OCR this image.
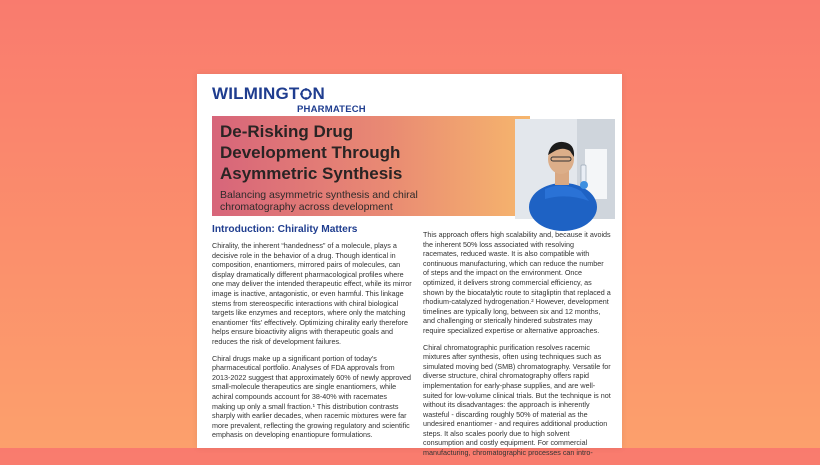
WILMINGT N
PHARMATECH
De-Risking Drug Development Through Asymmetric Synthesis
Balancing asymmetric synthesis and chiral chromatography across development
Introduction: Chirality Matters

Chirality, the inherent “handedness” of a molecule, plays a decisive role in the behavior of a drug. Though identical in composition, enantiomers, mirrored pairs of molecules, can display dramatically different pharmacological profiles where one may deliver the intended therapeutic effect, while its mirror image is inactive, antagonistic, or even harmful. This linkage stems from stereospecific interactions with chiral biological targets like enzymes and receptors, where only the matching enantiomer ‘fits’ effectively. Optimizing chirality early therefore helps ensure bioactivity aligns with therapeutic goals and reduces the risk of development failures.

Chiral drugs make up a significant portion of today’s pharmaceutical portfolio. Analyses of FDA approvals from 2013-2022 suggest that approximately 60% of newly approved small-molecule therapeutics are single enantiomers, while achiral compounds account for 38-40% with racemates making up only a small fraction.¹ This distribution contrasts sharply with earlier decades, when racemic mixtures were far more prevalent, reflecting the growing regulatory and scientific emphasis on developing enantiopure formulations.

This approach offers high scalability and, because it avoids the inherent 50% loss associated with resolving racemates, reduced waste. It is also compatible with continuous manufacturing, which can reduce the number of steps and the impact on the environment. Once optimized, it delivers strong commercial efficiency, as shown by the biocatalytic route to sitagliptin that replaced a rhodium-catalyzed hydrogenation.² However, development timelines are typically long, between six and 12 months, and challenging or sterically hindered substrates may require specialized expertise or alternative approaches.

Chiral chromatographic purification resolves racemic mixtures after synthesis, often using techniques such as simulated moving bed (SMB) chromatography. Versatile for diverse structure, chiral chromatography offers rapid implementation for early-phase supplies, and are well-suited for low-volume clinical trials. But the technique is not without its disadvantages: the approach is inherently wasteful - discarding roughly 50% of material as the undesired enantiomer - and requires additional production steps. It also scales poorly due to high solvent consumption and costly equipment. For commercial manufacturing, chromatographic processes can intro-
